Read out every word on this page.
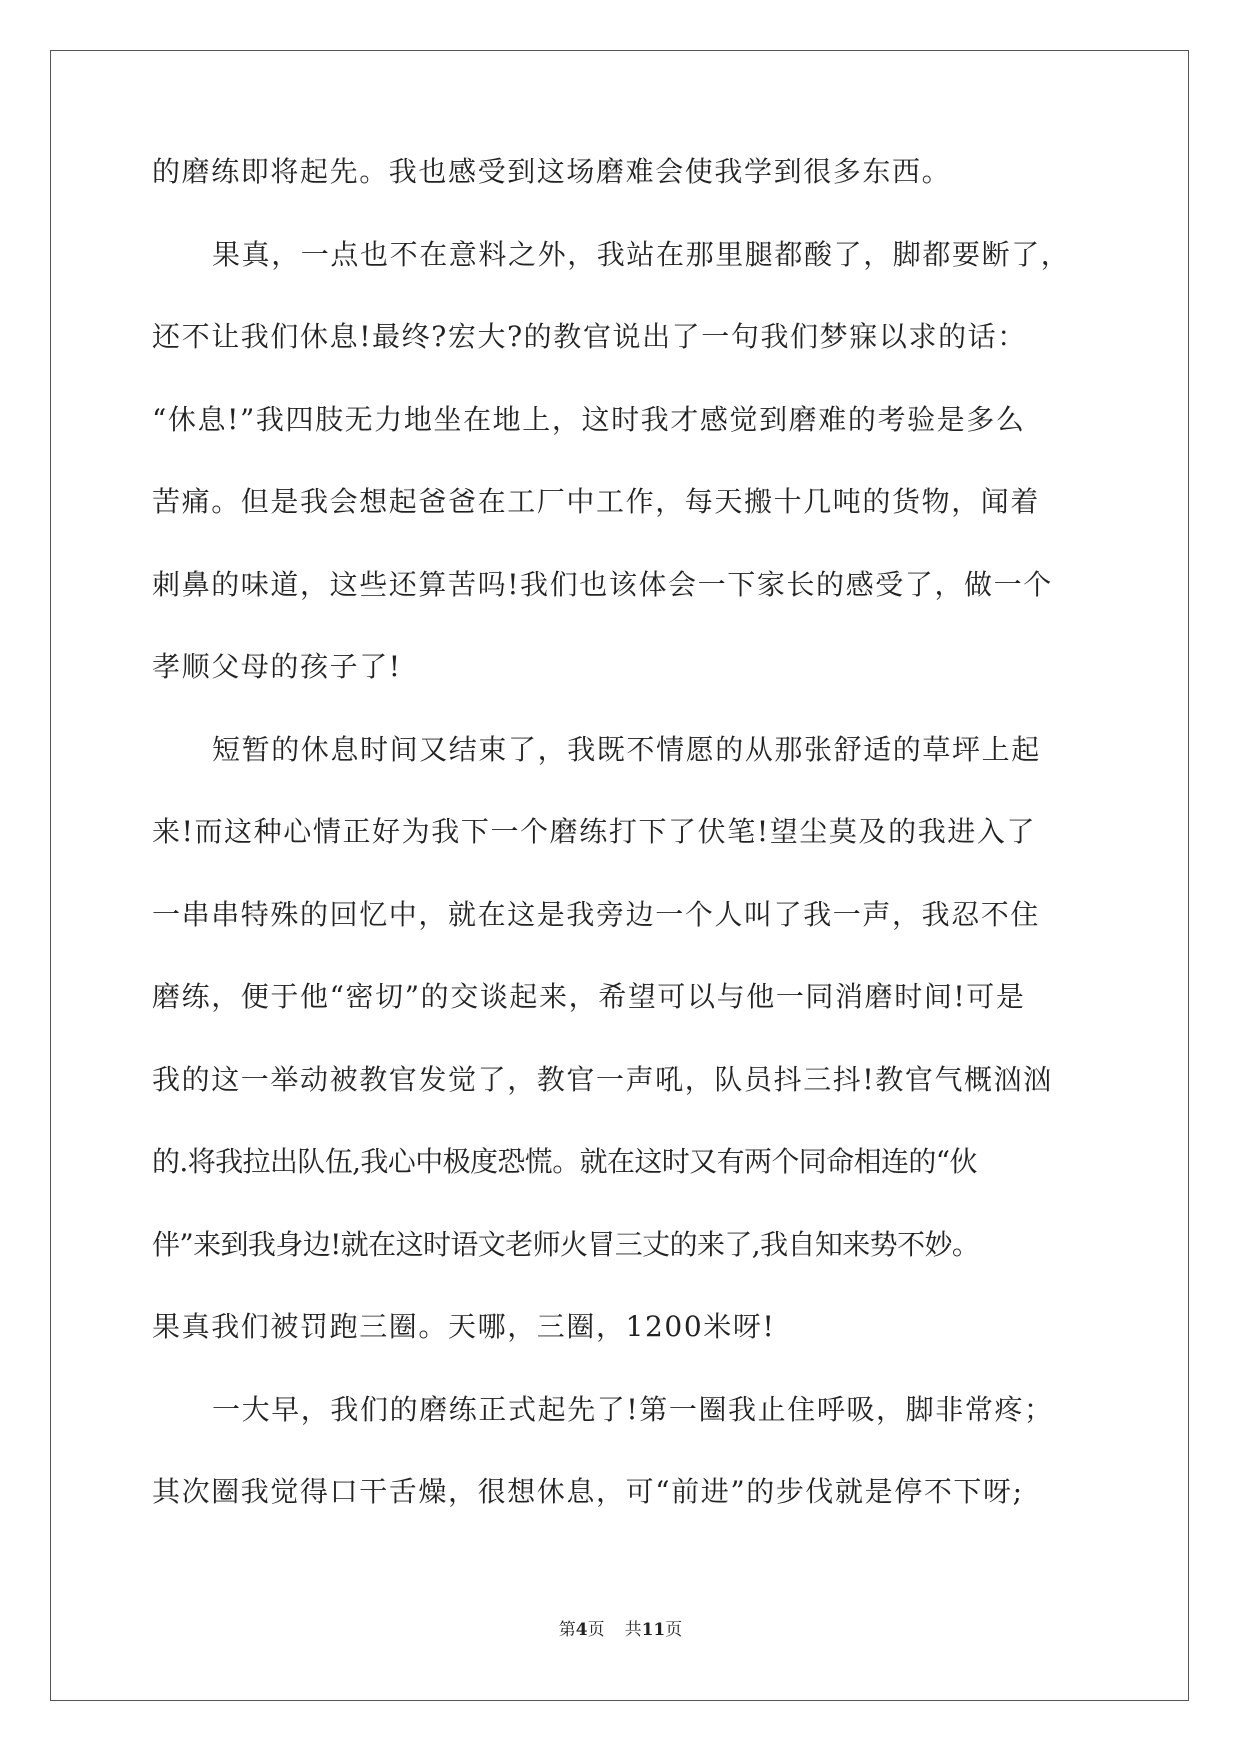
的磨练即将起先。我也感受到这场磨难会使我学到很多东西。
果真，一点也不在意料之外，我站在那里腿都酸了，脚都要断了，
还不让我们休息!最终?宏大?的教官说出了一句我们梦寐以求的话：
“休息!”我四肢无力地坐在地上，这时我才感觉到磨难的考验是多么
苦痛。但是我会想起爸爸在工厂中工作，每天搬十几吨的货物，闻着
刺鼻的味道，这些还算苦吗!我们也该体会一下家长的感受了，做一个
孝顺父母的孩子了!
短暂的休息时间又结束了，我既不情愿的从那张舒适的草坪上起
来!而这种心情正好为我下一个磨练打下了伏笔!望尘莫及的我进入了
一串串特殊的回忆中，就在这是我旁边一个人叫了我一声，我忍不住
磨练，便于他“密切”的交谈起来，希望可以与他一同消磨时间!可是
我的这一举动被教官发觉了，教官一声吼，队员抖三抖!教官气概汹汹
的.将我拉出队伍,我心中极度恐慌。就在这时又有两个同命相连的“伙
伴”来到我身边!就在这时语文老师火冒三丈的来了,我自知来势不妙。
果真我们被罚跑三圈。天哪，三圈，1200米呀!
一大早，我们的磨练正式起先了!第一圈我止住呼吸，脚非常疼；
其次圈我觉得口干舌燥，很想休息，可“前进”的步伐就是停不下呀;
第4页 共11页
